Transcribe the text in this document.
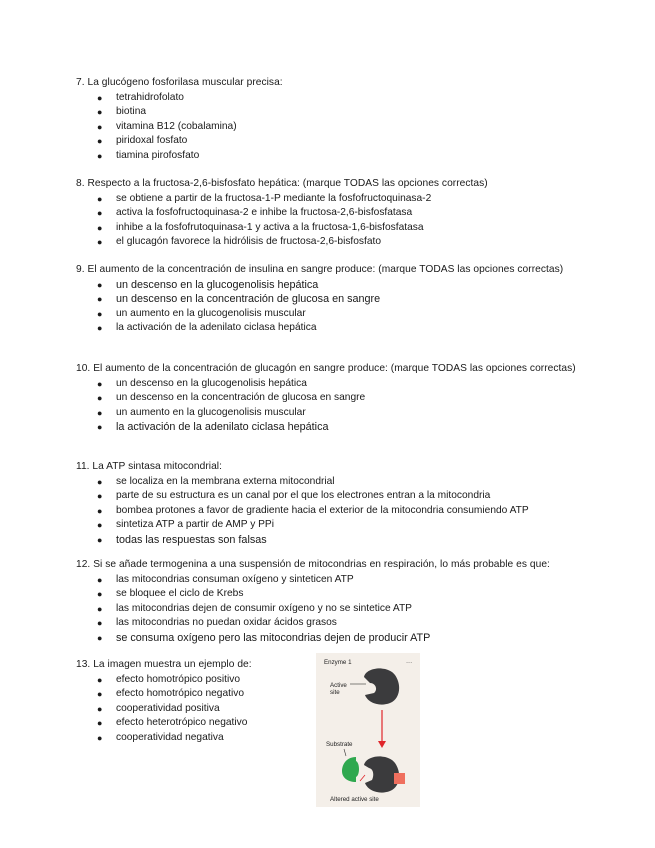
7. La glucógeno fosforilasa muscular precisa:

● tetrahidrofolato
● biotina
● vitamina B12 (cobalamina)
● piridoxal fosfato
● tiamina pirofosfato

8. Respecto a la fructosa-2,6-bisfosfato hepática: (marque TODAS las opciones correctas)

● se obtiene a partir de la fructosa-1-P mediante la fosfofructoquinasa-2
● activa la fosfofructoquinasa-2 e inhibe la fructosa-2,6-bisfosfatasa
● inhibe a la fosfofrutoquinasa-1 y activa a la fructosa-1,6-bisfosfatasa
● el glucagón favorece la hidrólisis de fructosa-2,6-bisfosfato

9. El aumento de la concentración de insulina en sangre produce: (marque TODAS las opciones correctas)

● un descenso en la glucogenolisis hepática
● un descenso en la concentración de glucosa en sangre
● un aumento en la glucogenolisis muscular
● la activación de la adenilato ciclasa hepática

10. El aumento de la concentración de glucagón en sangre produce: (marque TODAS las opciones correctas)

● un descenso en la glucogenolisis hepática
● un descenso en la concentración de glucosa en sangre
● un aumento en la glucogenolisis muscular
● la activación de la adenilato ciclasa hepática

11. La ATP sintasa mitocondrial:

● se localiza en la membrana externa mitocondrial
● parte de su estructura es un canal por el que los electrones entran a la mitocondria
● bombea protones a favor de gradiente hacia el exterior de la mitocondria consumiendo ATP
● sintetiza ATP a partir de AMP y PPi
● todas las respuestas son falsas

12. Si se añade termogenina a una suspensión de mitocondrias en respiración, lo más probable es que:

● las mitocondrias consuman oxígeno y sinteticen ATP
● se bloquee el ciclo de Krebs
● las mitocondrias dejen de consumir oxígeno y no se sintetice ATP
● las mitocondrias no puedan oxidar ácidos grasos
● se consuma oxígeno pero las mitocondrias dejen de producir ATP

13. La imagen muestra un ejemplo de:

● efecto homotrópico positivo
● efecto homotrópico negativo
● cooperatividad positiva
● efecto heterotrópico negativo
● cooperatividad negativa
Enzyme 1	···
Active
site
Substrate
Altered active site
